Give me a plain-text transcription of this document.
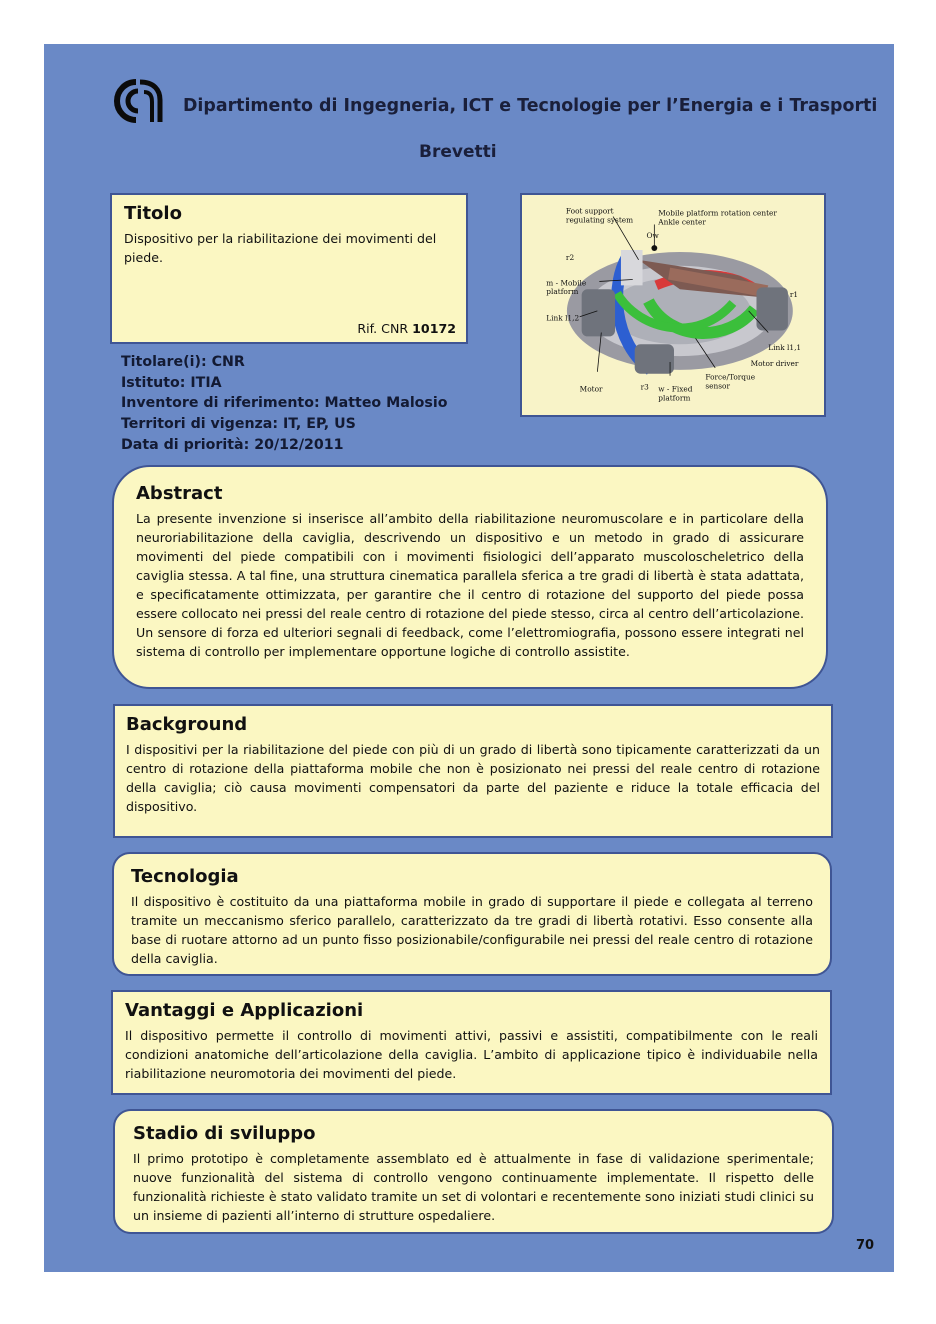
Dipartimento di Ingegneria, ICT e Tecnologie per l’Energia e i Trasporti
Brevetti
Titolo

Dispositivo per la riabilitazione dei movimenti del piede.

Rif. CNR 10172
Foot support
regulating system
Mobile platform rotation center
Ankle center
Ow
r2
m - Mobile
platform	r1
Link l1,2
Link l1,1
Motor driver
Force/Torque
sensor
Motor	r3 w - Fixed
platform
Titolare(i): CNR
Istituto: ITIA
Inventore di riferimento: Matteo Malosio
Territori di vigenza: IT, EP, US
Data di priorità: 20/12/2011
Abstract

La presente invenzione si inserisce all’ambito della riabilitazione neuromuscolare e in particolare della neuroriabilitazione della caviglia, descrivendo un dispositivo e un metodo in grado di assicurare movimenti del piede compatibili con i movimenti fisiologici dell’apparato muscoloscheletrico della caviglia stessa. A tal fine, una struttura cinematica parallela sferica a tre gradi di libertà è stata adattata, e specificatamente ottimizzata, per garantire che il centro di rotazione del supporto del piede possa essere collocato nei pressi del reale centro di rotazione del piede stesso, circa al centro dell’articolazione. Un sensore di forza ed ulteriori segnali di feedback, come l’elettromiografia, possono essere integrati nel sistema di controllo per implementare opportune logiche di controllo assistite.

Background

I dispositivi per la riabilitazione del piede con più di un grado di libertà sono tipicamente caratterizzati da un centro di rotazione della piattaforma mobile che non è posizionato nei pressi del reale centro di rotazione della caviglia; ciò causa movimenti compensatori da parte del paziente e riduce la totale efficacia del dispositivo.

Tecnologia

Il dispositivo è costituito da una piattaforma mobile in grado di supportare il piede e collegata al terreno tramite un meccanismo sferico parallelo, caratterizzato da tre gradi di libertà rotativi. Esso consente alla base di ruotare attorno ad un punto fisso posizionabile/configurabile nei pressi del reale centro di rotazione della caviglia.

Vantaggi e Applicazioni

Il dispositivo permette il controllo di movimenti attivi, passivi e assistiti, compatibilmente con le reali condizioni anatomiche dell’articolazione della caviglia. L’ambito di applicazione tipico è individuabile nella riabilitazione neuromotoria dei movimenti del piede.

Stadio di sviluppo

Il primo prototipo è completamente assemblato ed è attualmente in fase di validazione sperimentale; nuove funzionalità del sistema di controllo vengono continuamente implementate. Il rispetto delle funzionalità richieste è stato validato tramite un set di volontari e recentemente sono iniziati studi clinici su un insieme di pazienti all’interno di strutture ospedaliere.

70
